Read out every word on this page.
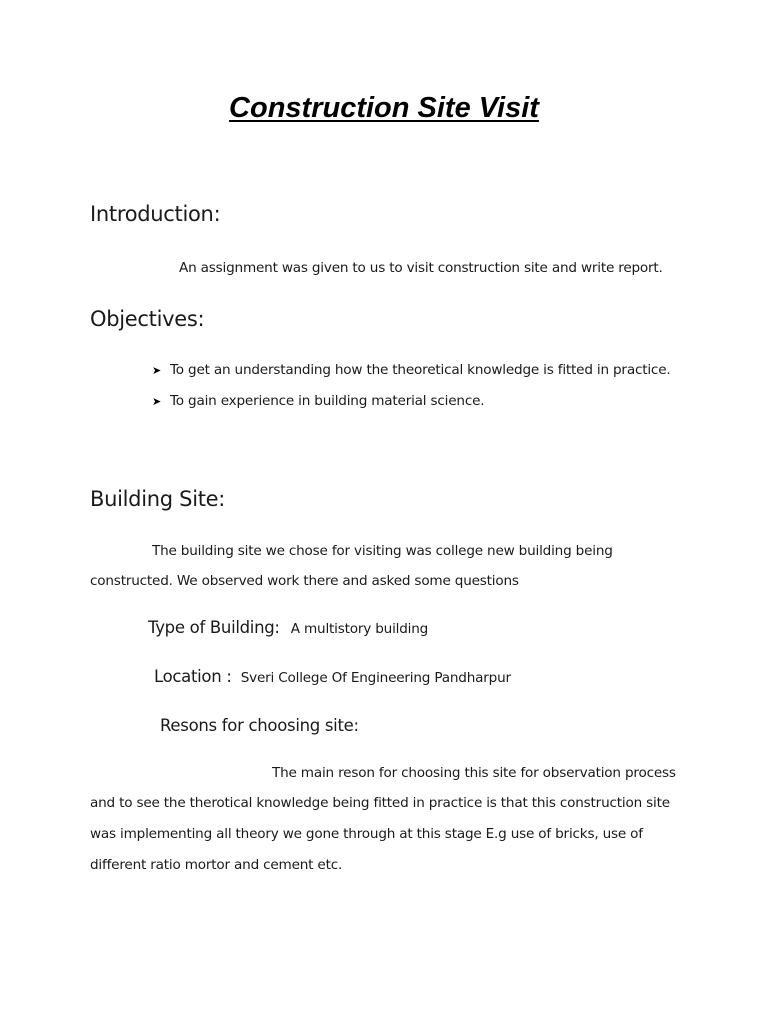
Construction Site Visit
Introduction:
An assignment was given to us to visit construction site and write report.
Objectives:
➤ To get an understanding how the theoretical knowledge is fitted in practice.
➤ To gain experience in building material science.
Building Site:
The building site we chose for visiting was college new building being
constructed. We observed work there and asked some questions
Type of Building: A multistory building
Location : Sveri College Of Engineering Pandharpur
Resons for choosing site:
The main reson for choosing this site for observation process
and to see the therotical knowledge being fitted in practice is that this construction site
was implementing all theory we gone through at this stage E.g use of bricks, use of
different ratio mortor and cement etc.
